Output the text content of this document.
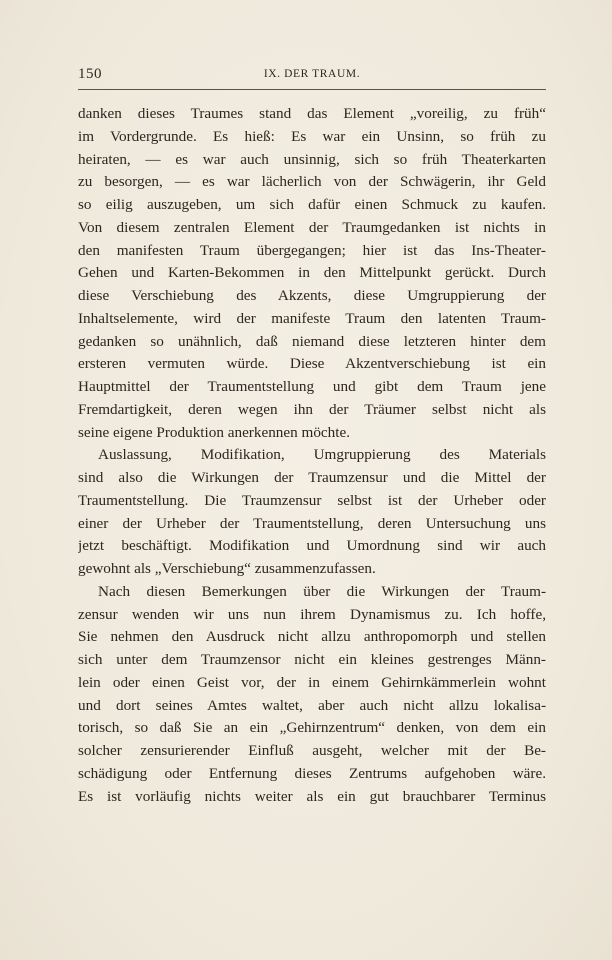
150	IX. DER TRAUM.
danken dieses Traumes stand das Element „voreilig, zu früh“
im Vordergrunde. Es hieß: Es war ein Unsinn, so früh zu
heiraten, — es war auch unsinnig, sich so früh Theaterkarten
zu besorgen, — es war lächerlich von der Schwägerin, ihr Geld
so eilig auszugeben, um sich dafür einen Schmuck zu kaufen.
Von diesem zentralen Element der Traumgedanken ist nichts in
den manifesten Traum übergegangen; hier ist das Ins-Theater-
Gehen und Karten-Bekommen in den Mittelpunkt gerückt. Durch
diese Verschiebung des Akzents, diese Umgruppierung der
Inhaltselemente, wird der manifeste Traum den latenten Traum-
gedanken so unähnlich, daß niemand diese letzteren hinter dem
ersteren vermuten würde. Diese Akzentverschiebung ist ein
Hauptmittel der Traumentstellung und gibt dem Traum jene
Fremdartigkeit, deren wegen ihn der Träumer selbst nicht als
seine eigene Produktion anerkennen möchte.
Auslassung, Modifikation, Umgruppierung des Materials
sind also die Wirkungen der Traumzensur und die Mittel der
Traumentstellung. Die Traumzensur selbst ist der Urheber oder
einer der Urheber der Traumentstellung, deren Untersuchung uns
jetzt beschäftigt. Modifikation und Umordnung sind wir auch
gewohnt als „Verschiebung“ zusammenzufassen.
Nach diesen Bemerkungen über die Wirkungen der Traum-
zensur wenden wir uns nun ihrem Dynamismus zu. Ich hoffe,
Sie nehmen den Ausdruck nicht allzu anthropomorph und stellen
sich unter dem Traumzensor nicht ein kleines gestrenges Männ-
lein oder einen Geist vor, der in einem Gehirnkämmerlein wohnt
und dort seines Amtes waltet, aber auch nicht allzu lokalisa-
torisch, so daß Sie an ein „Gehirnzentrum“ denken, von dem ein
solcher zensurierender Einfluß ausgeht, welcher mit der Be-
schädigung oder Entfernung dieses Zentrums aufgehoben wäre.
Es ist vorläufig nichts weiter als ein gut brauchbarer Terminus
